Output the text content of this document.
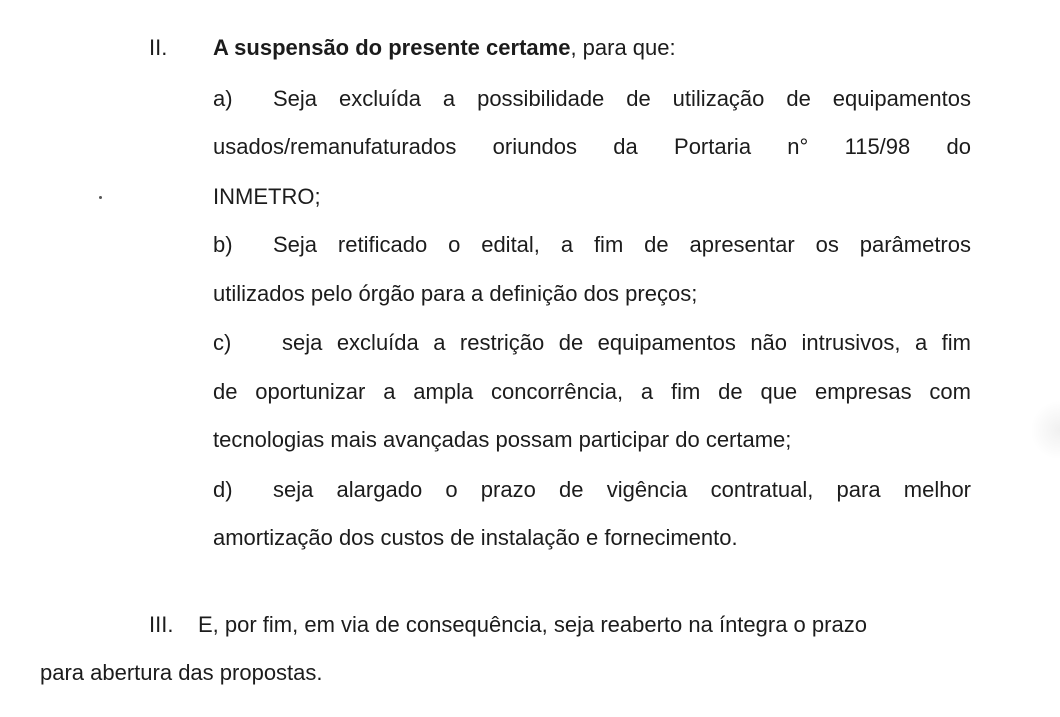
II. A suspensão do presente certame, para que:
a) Seja excluída a possibilidade de utilização de equipamentos
usados/remanufaturados oriundos da Portaria n° 115/98 do
INMETRO;
b) Seja retificado o edital, a fim de apresentar os parâmetros
utilizados pelo órgão para a definição dos preços;
c) seja excluída a restrição de equipamentos não intrusivos, a fim
de oportunizar a ampla concorrência, a fim de que empresas com
tecnologias mais avançadas possam participar do certame;
d) seja alargado o prazo de vigência contratual, para melhor
amortização dos custos de instalação e fornecimento.
III. E, por fim, em via de consequência, seja reaberto na íntegra o prazo
para abertura das propostas.
